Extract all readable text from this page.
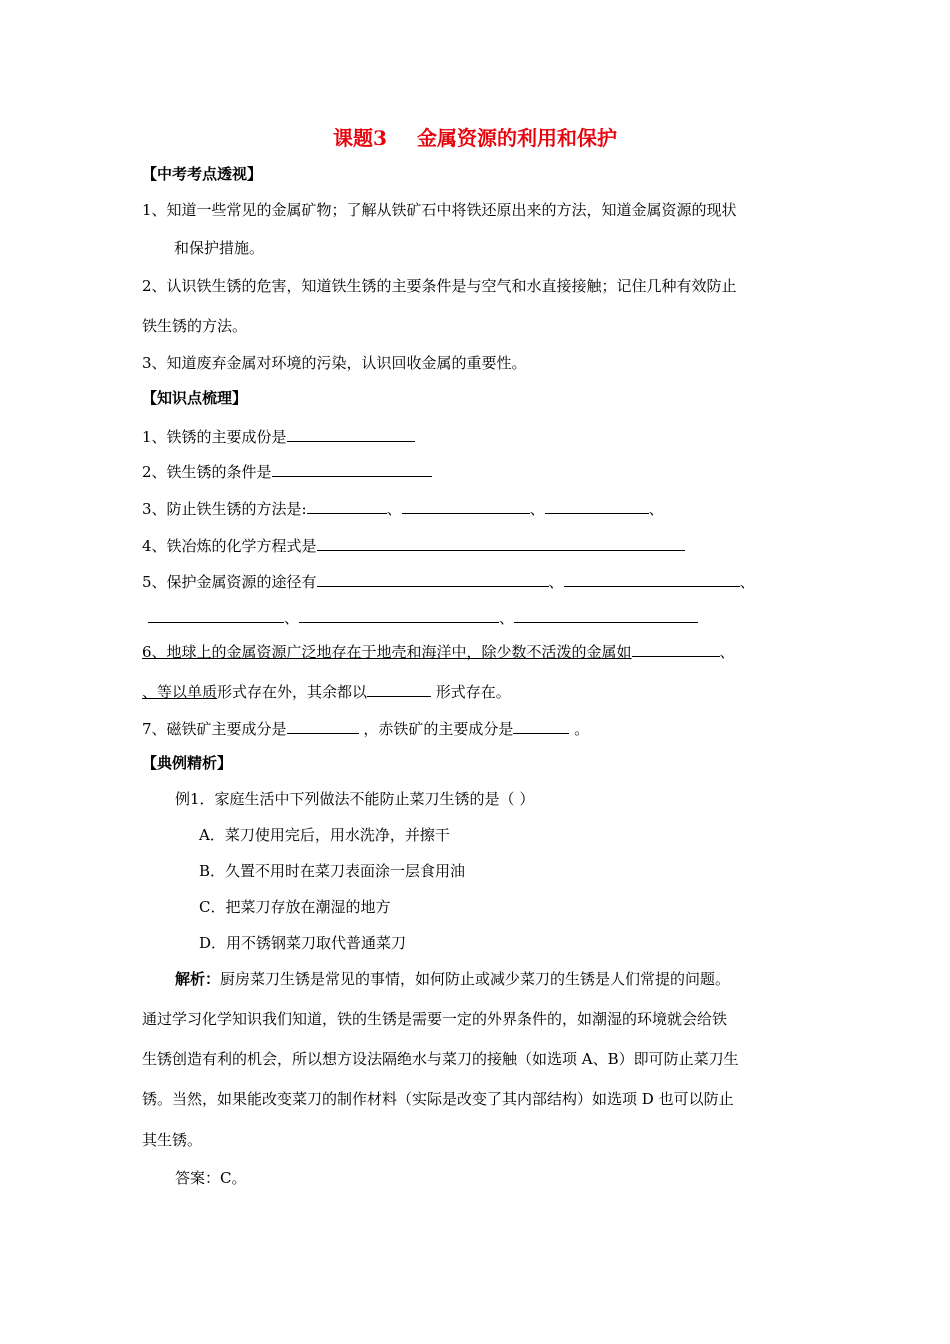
课题3 金属资源的利用和保护
【中考考点透视】
1、知道一些常见的金属矿物；了解从铁矿石中将铁还原出来的方法，知道金属资源的现状
和保护措施。
2、认识铁生锈的危害，知道铁生锈的主要条件是与空气和水直接接触；记住几种有效防止
铁生锈的方法。
3、知道废弃金属对环境的污染，认识回收金属的重要性。
【知识点梳理】
1、铁锈的主要成份是
2、铁生锈的条件是
3、防止铁生锈的方法是:	、	、	、
4、铁冶炼的化学方程式是
5、保护金属资源的途径有	、	、
、	、
6、地球上的金属资源广泛地存在于地壳和海洋中，除少数不活泼的金属如	、
、等以单质形式存在外，其余都以	形式存在。
7、磁铁矿主要成分是	，赤铁矿的主要成分是	。
【典例精析】
例1．家庭生活中下列做法不能防止菜刀生锈的是（ ）
A．菜刀使用完后，用水洗净，并擦干
B．久置不用时在菜刀表面涂一层食用油
C．把菜刀存放在潮湿的地方
D．用不锈钢菜刀取代普通菜刀
解析：厨房菜刀生锈是常见的事情，如何防止或减少菜刀的生锈是人们常提的问题。
通过学习化学知识我们知道，铁的生锈是需要一定的外界条件的，如潮湿的环境就会给铁
生锈创造有利的机会，所以想方设法隔绝水与菜刀的接触（如选项 A、B）即可防止菜刀生
锈。当然，如果能改变菜刀的制作材料（实际是改变了其内部结构）如选项 D 也可以防止
其生锈。
答案：C。
